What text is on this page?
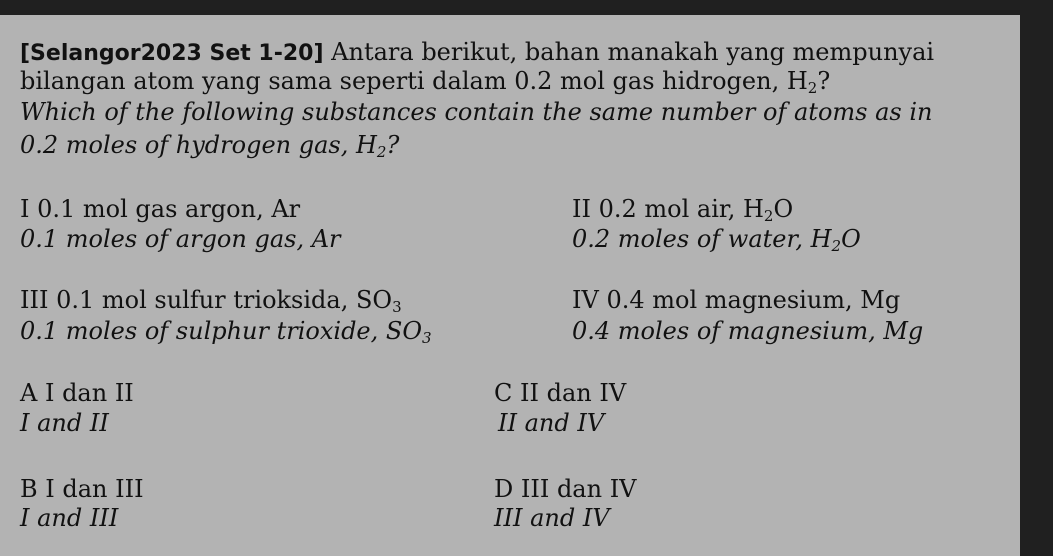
[Selangor2023 Set 1-20] Antara berikut, bahan manakah yang mempunyai
bilangan atom yang sama seperti dalam 0.2 mol gas hidrogen, $H_2$?
Which of the following substances contain the same number of atoms as in
0.2 moles of hydrogen gas, $H_2$?
I 0.1 mol gas argon, Ar
0.1 moles of argon gas, Ar
II 0.2 mol air, $H_2O$
0.2 moles of water, $H_2O$
III 0.1 mol sulfur trioksida, $SO_3$
0.1 moles of sulphur trioxide, $SO_3$
IV 0.4 mol magnesium, Mg
0.4 moles of magnesium, Mg
A I dan II
I and II
C II dan IV
II and IV
B I dan III
I and III
D III dan IV
III and IV
